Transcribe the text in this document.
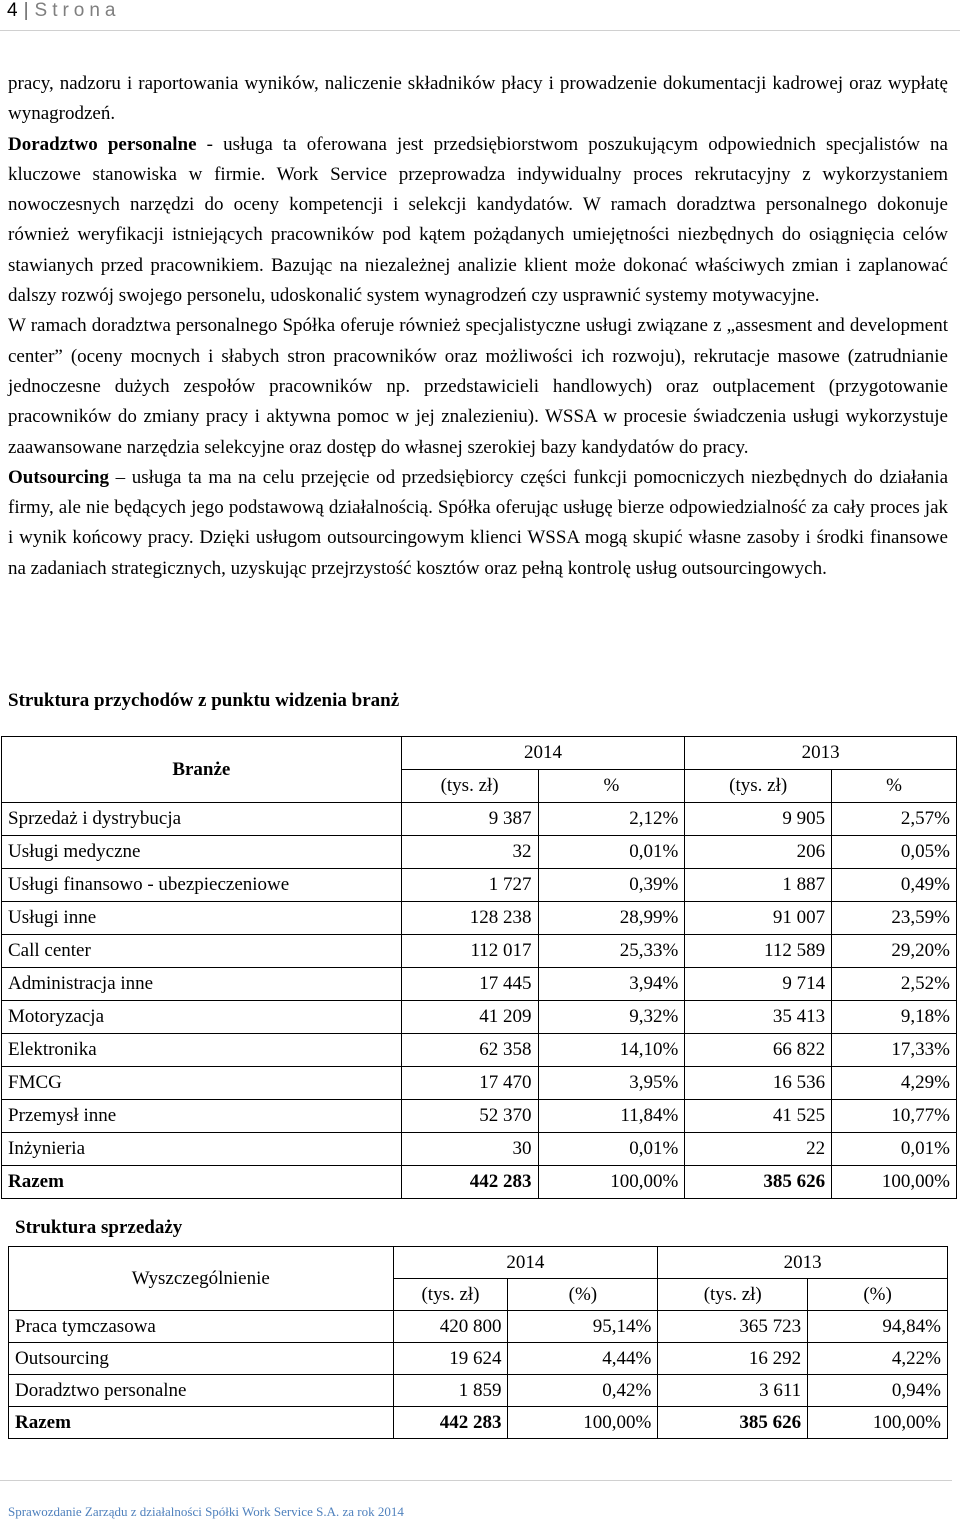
4 | Strona

pracy, nadzoru i raportowania wyników, naliczenie składników płacy i prowadzenie dokumentacji kadrowej oraz wypłatę wynagrodzeń.

Doradztwo personalne - usługa ta oferowana jest przedsiębiorstwom poszukującym odpowiednich specjalistów na kluczowe stanowiska w firmie. Work Service przeprowadza indywidualny proces rekrutacyjny z wykorzystaniem nowoczesnych narzędzi do oceny kompetencji i selekcji kandydatów. W ramach doradztwa personalnego dokonuje również weryfikacji istniejących pracowników pod kątem pożądanych umiejętności niezbędnych do osiągnięcia celów stawianych przed pracownikiem. Bazując na niezależnej analizie klient może dokonać właściwych zmian i zaplanować dalszy rozwój swojego personelu, udoskonalić system wynagrodzeń czy usprawnić systemy motywacyjne.

W ramach doradztwa personalnego Spółka oferuje również specjalistyczne usługi związane z „assesment and development center” (oceny mocnych i słabych stron pracowników oraz możliwości ich rozwoju), rekrutacje masowe (zatrudnianie jednoczesne dużych zespołów pracowników np. przedstawicieli handlowych) oraz outplacement (przygotowanie pracowników do zmiany pracy i aktywna pomoc w jej znalezieniu). WSSA w procesie świadczenia usługi wykorzystuje zaawansowane narzędzia selekcyjne oraz dostęp do własnej szerokiej bazy kandydatów do pracy.

Outsourcing – usługa ta ma na celu przejęcie od przedsiębiorcy części funkcji pomocniczych niezbędnych do działania firmy, ale nie będących jego podstawową działalnością. Spółka oferując usługę bierze odpowiedzialność za cały proces jak i wynik końcowy pracy. Dzięki usługom outsourcingowym klienci WSSA mogą skupić własne zasoby i środki finansowe na zadaniach strategicznych, uzyskując przejrzystość kosztów oraz pełną kontrolę usług outsourcingowych.

Struktura przychodów z punktu widzenia branż
Branże	2014		2013	
	(tys. zł)	%	(tys. zł)	%
Sprzedaż i dystrybucja	9 387	2,12%	9 905	2,57%
Usługi medyczne	32	0,01%	206	0,05%
Usługi finansowo - ubezpieczeniowe	1 727	0,39%	1 887	0,49%
Usługi inne	128 238	28,99%	91 007	23,59%
Call center	112 017	25,33%	112 589	29,20%
Administracja inne	17 445	3,94%	9 714	2,52%
Motoryzacja	41 209	9,32%	35 413	9,18%
Elektronika	62 358	14,10%	66 822	17,33%
FMCG	17 470	3,95%	16 536	4,29%
Przemysł inne	52 370	11,84%	41 525	10,77%
Inżynieria	30	0,01%	22	0,01%
Razem	442 283	100,00%	385 626	100,00%
Struktura sprzedaży
Wyszczególnienie	2014		2013	
	(tys. zł)	(%)	(tys. zł)	(%)
Praca tymczasowa	420 800	95,14%	365 723	94,84%
Outsourcing	19 624	4,44%	16 292	4,22%
Doradztwo personalne	1 859	0,42%	3 611	0,94%
Razem	442 283	100,00%	385 626	100,00%
Sprawozdanie Zarządu z działalności Spółki Work Service S.A. za rok 2014
